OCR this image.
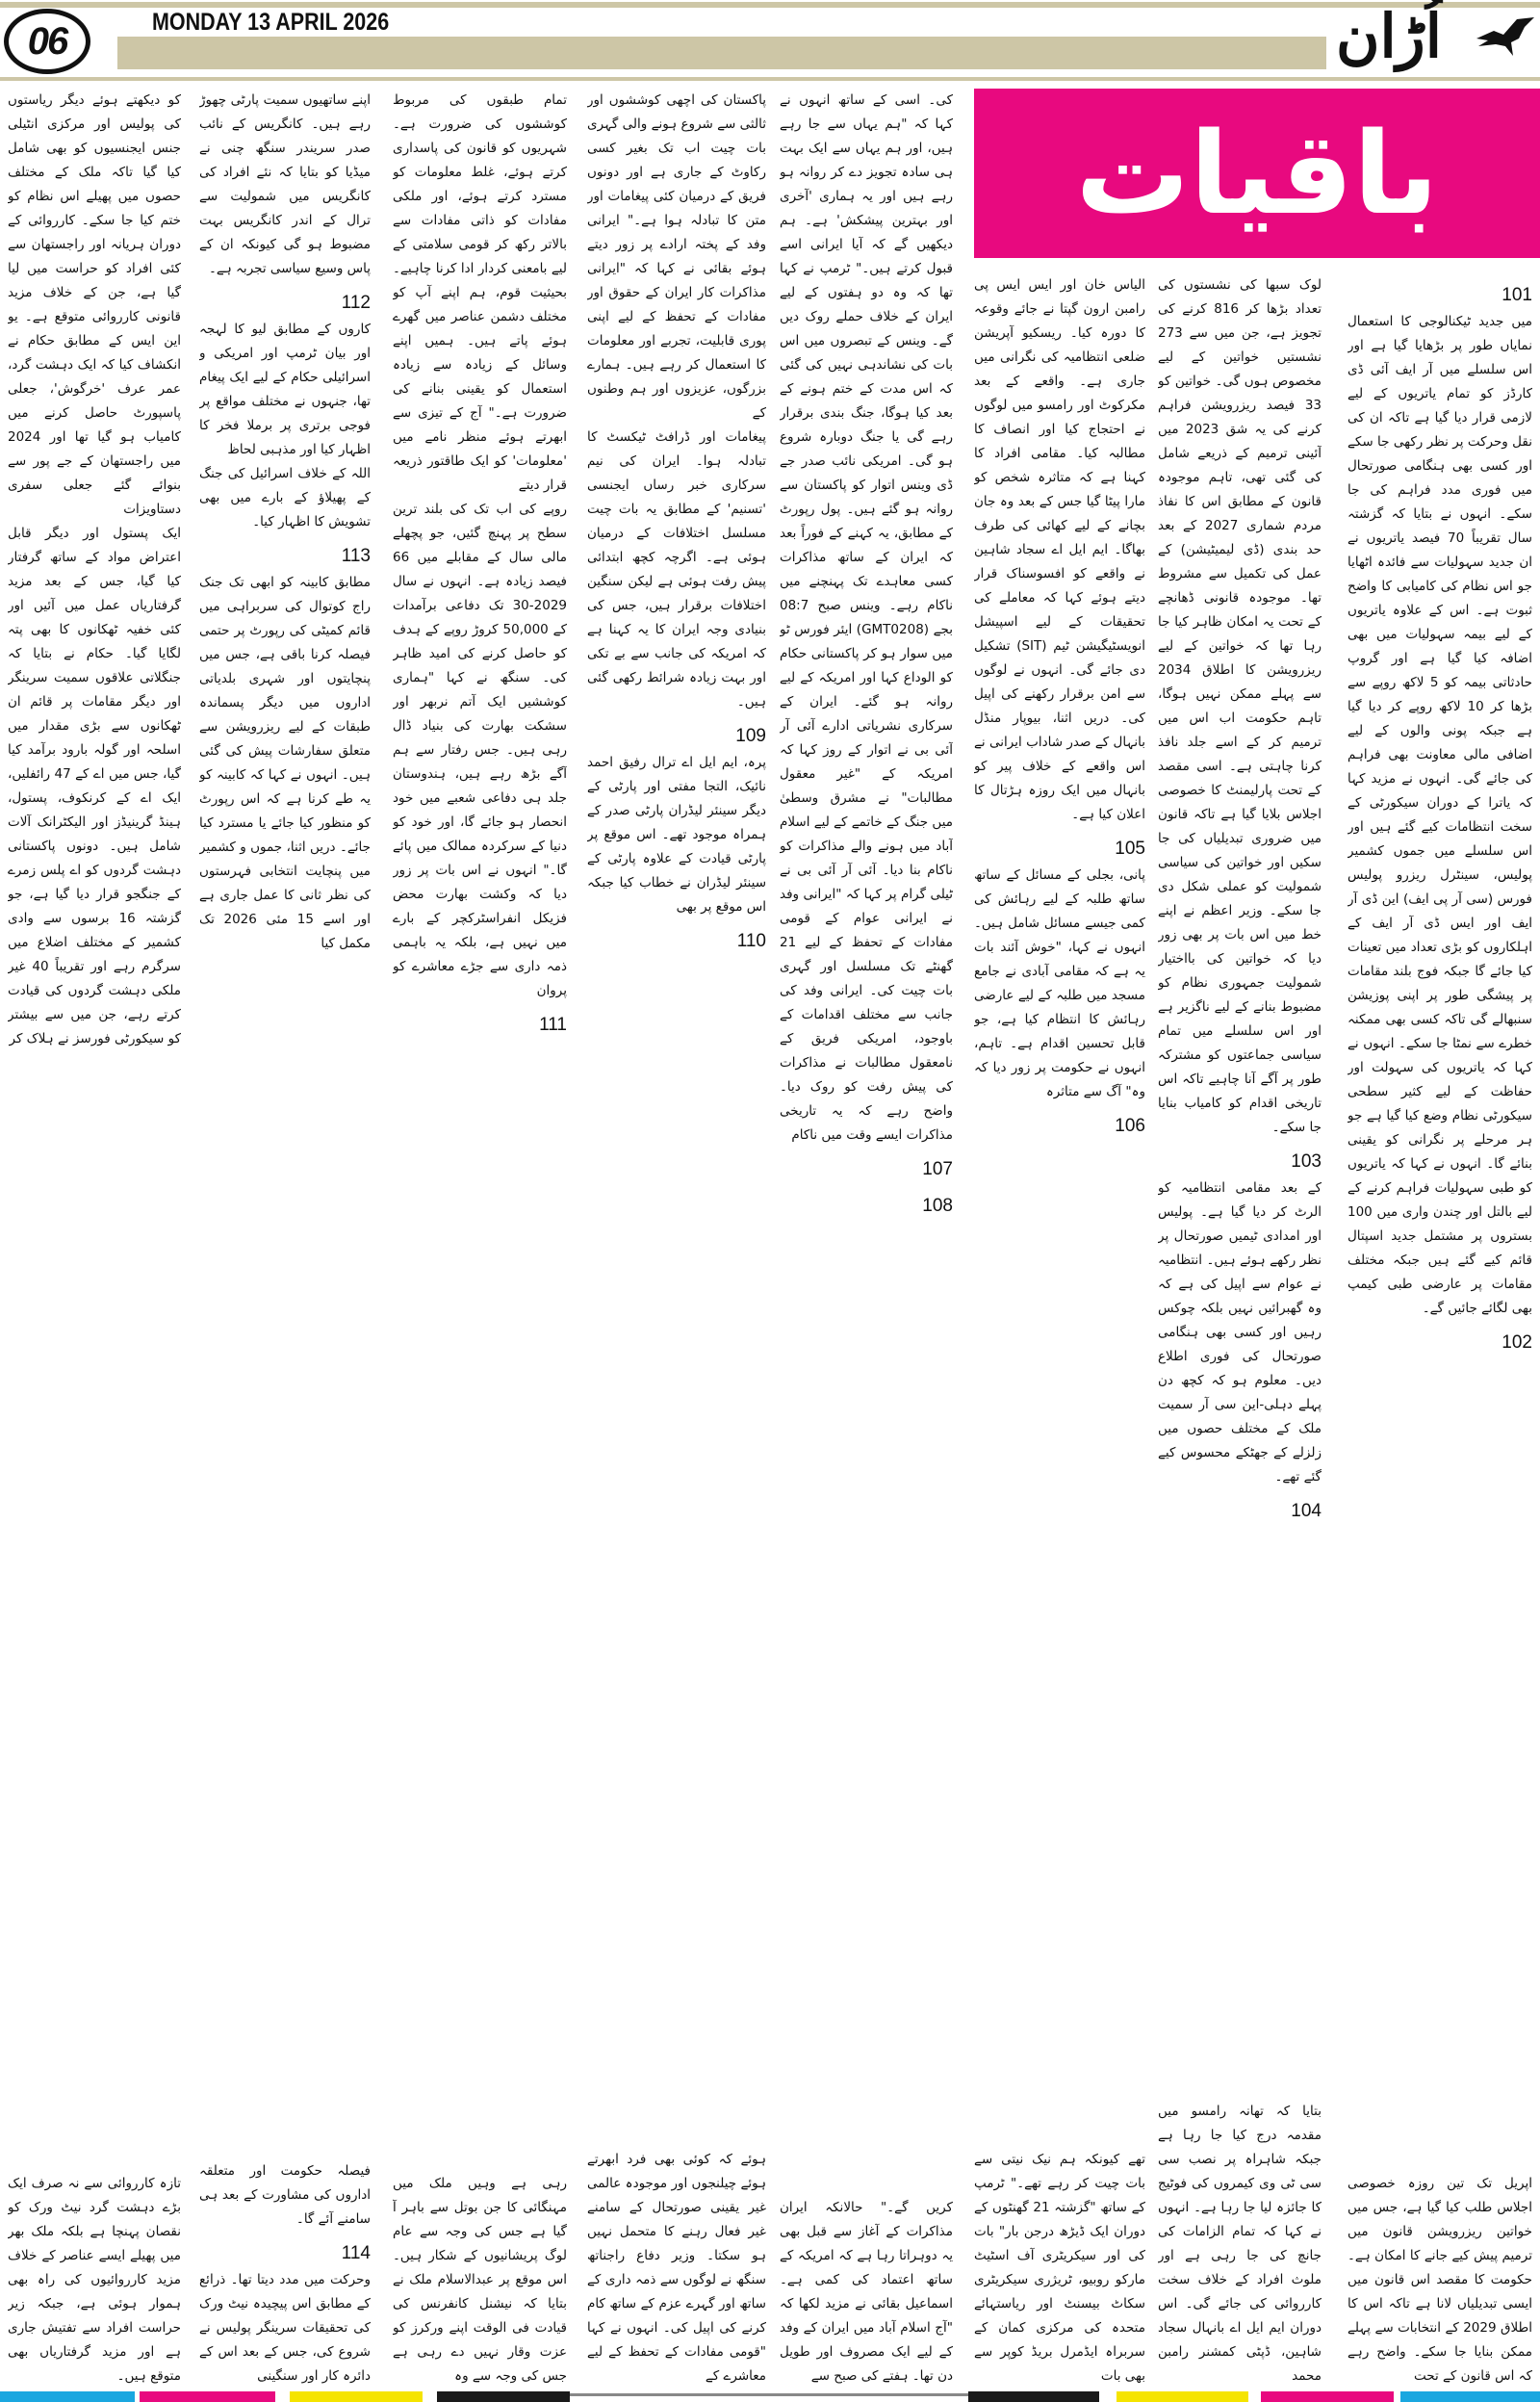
06	MONDAY 13 APRIL 2026	اُڑان
باقیات

کو دیکھتے ہوئے دیگر ریاستوں کی پولیس اور مرکزی انٹیلی جنس ایجنسیوں کو بھی شامل کیا گیا تاکہ ملک کے مختلف حصوں میں پھیلے اس نظام کو ختم کیا جا سکے۔ کارروائی کے دوران ہریانہ اور راجستھان سے کئی افراد کو حراست میں لیا گیا ہے، جن کے خلاف مزید قانونی کارروائی متوقع ہے۔ یو این ایس کے مطابق حکام نے انکشاف کیا کہ ایک دہشت گرد، عمر عرف 'خرگوش'، جعلی پاسپورٹ حاصل کرنے میں کامیاب ہو گیا تھا اور 2024 میں راجستھان کے جے پور سے بنوائے گئے جعلی سفری دستاویزات

ایک پستول اور دیگر قابل اعتراض مواد کے ساتھ گرفتار کیا گیا، جس کے بعد مزید گرفتاریاں عمل میں آئیں اور کئی خفیہ ٹھکانوں کا بھی پتہ لگایا گیا۔ حکام نے بتایا کہ جنگلاتی علاقوں سمیت سرینگر اور دیگر مقامات پر قائم ان ٹھکانوں سے بڑی مقدار میں اسلحہ اور گولہ بارود برآمد کیا گیا، جس میں اے کے 47 رائفلیں، ایک اے کے کرنکوف، پستول، ہینڈ گرینیڈز اور الیکٹرانک آلات شامل ہیں۔ دونوں پاکستانی دہشت گردوں کو اے پلس زمرے کے جنگجو قرار دیا گیا ہے، جو گزشتہ 16 برسوں سے وادی کشمیر کے مختلف اضلاع میں سرگرم رہے اور تقریباً 40 غیر ملکی دہشت گردوں کی قیادت کرتے رہے، جن میں سے بیشتر کو سیکورٹی فورسز نے ہلاک کر

تازہ کارروائی سے نہ صرف ایک بڑے دہشت گرد نیٹ ورک کو نقصان پہنچا ہے بلکہ ملک بھر میں پھیلے ایسے عناصر کے خلاف مزید کارروائیوں کی راہ بھی ہموار ہوئی ہے، جبکہ زیر حراست افراد سے تفتیش جاری ہے اور مزید گرفتاریاں بھی متوقع ہیں۔

اپنے ساتھیوں سمیت پارٹی چھوڑ رہے ہیں۔ کانگریس کے نائب صدر سریندر سنگھ چنی نے میڈیا کو بتایا کہ نئے افراد کی کانگریس میں شمولیت سے ترال کے اندر کانگریس بہت مضبوط ہو گی کیونکہ ان کے پاس وسیع سیاسی تجربہ ہے۔

112

کاروں کے مطابق لیو کا لہجہ اور بیان ٹرمپ اور امریکی و اسرائیلی حکام کے لیے ایک پیغام تھا، جنہوں نے مختلف مواقع پر فوجی برتری پر برملا فخر کا اظہار کیا اور مذہبی لحاظ

اللہ کے خلاف اسرائیل کی جنگ کے پھیلاؤ کے بارے میں بھی تشویش کا اظہار کیا۔

113

مطابق کابینہ کو ابھی تک جنک راج کوتوال کی سربراہی میں قائم کمیٹی کی رپورٹ پر حتمی فیصلہ کرنا باقی ہے، جس میں پنچایتوں اور شہری بلدیاتی اداروں میں دیگر پسماندہ طبقات کے لیے ریزرویشن سے متعلق سفارشات پیش کی گئی ہیں۔ انہوں نے کہا کہ کابینہ کو یہ طے کرنا ہے کہ اس رپورٹ کو منظور کیا جائے یا مسترد کیا جائے۔ دریں اثنا، جموں و کشمیر میں پنچایت انتخابی فہرستوں کی نظر ثانی کا عمل جاری ہے اور اسے 15 مئی 2026 تک مکمل کیا

فیصلہ حکومت اور متعلقہ اداروں کی مشاورت کے بعد ہی سامنے آئے گا۔

114

وحرکت میں مدد دیتا تھا۔ ذرائع کے مطابق اس پیچیدہ نیٹ ورک کی تحقیقات سرینگر پولیس نے شروع کی، جس کے بعد اس کے دائرہ کار اور سنگینی

تمام طبقوں کی مربوط کوششوں کی ضرورت ہے۔ شہریوں کو قانون کی پاسداری کرتے ہوئے، غلط معلومات کو مسترد کرتے ہوئے، اور ملکی مفادات کو ذاتی مفادات سے بالاتر رکھ کر قومی سلامتی کے لیے بامعنی کردار ادا کرنا چاہیے۔ بحیثیت قوم، ہم اپنے آپ کو مختلف دشمن عناصر میں گھرے ہوئے پاتے ہیں۔ ہمیں اپنے وسائل کے زیادہ سے زیادہ استعمال کو یقینی بنانے کی ضرورت ہے۔" آج کے تیزی سے ابھرتے ہوئے منظر نامے میں 'معلومات' کو ایک طاقتور ذریعہ قرار دیتے

روپے کی اب تک کی بلند ترین سطح پر پہنچ گئیں، جو پچھلے مالی سال کے مقابلے میں 66 فیصد زیادہ ہے۔ انہوں نے سال 2029-30 تک دفاعی برآمدات کے 50,000 کروڑ روپے کے ہدف کو حاصل کرنے کی امید ظاہر کی۔ سنگھ نے کہا "ہماری کوششیں ایک آتم نربھر اور سشکت بھارت کی بنیاد ڈال رہی ہیں۔ جس رفتار سے ہم آگے بڑھ رہے ہیں، ہندوستان جلد ہی دفاعی شعبے میں خود انحصار ہو جائے گا، اور خود کو دنیا کے سرکردہ ممالک میں پائے گا۔" انہوں نے اس بات پر زور دیا کہ وکشت بھارت محض فزیکل انفراسٹرکچر کے بارے میں نہیں ہے، بلکہ یہ باہمی ذمہ داری سے جڑے معاشرے کو پروان

111

رہی ہے وہیں ملک میں مہنگائی کا جن بوتل سے باہر آ گیا ہے جس کی وجہ سے عام لوگ پریشانیوں کے شکار ہیں۔ اس موقع پر عبدالاسلام ملک نے بتایا کہ نیشنل کانفرنس کی قیادت فی الوقت اپنے ورکرز کو عزت وقار نہیں دے رہی ہے جس کی وجہ سے وہ

پاکستان کی اچھی کوششوں اور ثالثی سے شروع ہونے والی گہری بات چیت اب تک بغیر کسی رکاوٹ کے جاری ہے اور دونوں فریق کے درمیان کئی پیغامات اور متن کا تبادلہ ہوا ہے۔" ایرانی وفد کے پختہ ارادے پر زور دیتے ہوئے بقائی نے کہا کہ "ایرانی مذاکرات کار ایران کے حقوق اور مفادات کے تحفظ کے لیے اپنی پوری قابلیت، تجربے اور معلومات کا استعمال کر رہے ہیں۔ ہمارے بزرگوں، عزیزوں اور ہم وطنوں کے

پیغامات اور ڈرافٹ ٹیکسٹ کا تبادلہ ہوا۔ ایران کی نیم سرکاری خبر رساں ایجنسی 'تسنیم' کے مطابق یہ بات چیت مسلسل اختلافات کے درمیان ہوئی ہے۔ اگرچہ کچھ ابتدائی پیش رفت ہوئی ہے لیکن سنگین اختلافات برقرار ہیں، جس کی بنیادی وجہ ایران کا یہ کہنا ہے کہ امریکہ کی جانب سے بے تکی اور بہت زیادہ شرائط رکھی گئی ہیں۔

109

پرہ، ایم ایل اے ترال رفیق احمد نائیک، التجا مفتی اور پارٹی کے دیگر سینئر لیڈران پارٹی صدر کے ہمراہ موجود تھے۔ اس موقع پر پارٹی قیادت کے علاوہ پارٹی کے سینئر لیڈران نے خطاب کیا جبکہ اس موقع پر بھی

110

ہوئے کہ کوئی بھی فرد ابھرتے ہوئے چیلنجوں اور موجودہ عالمی غیر یقینی صورتحال کے سامنے غیر فعال رہنے کا متحمل نہیں ہو سکتا۔ وزیر دفاع راجناتھ سنگھ نے لوگوں سے ذمہ داری کے ساتھ اور گہرے عزم کے ساتھ کام کرنے کی اپیل کی۔ انہوں نے کہا "قومی مفادات کے تحفظ کے لیے معاشرے کے

کی۔ اسی کے ساتھ انہوں نے کہا کہ "ہم یہاں سے جا رہے ہیں، اور ہم یہاں سے ایک بہت ہی سادہ تجویز دے کر روانہ ہو رہے ہیں اور یہ ہماری 'آخری اور بہترین پیشکش' ہے۔ ہم دیکھیں گے کہ آیا ایرانی اسے قبول کرتے ہیں۔" ٹرمپ نے کہا تھا کہ وہ دو ہفتوں کے لیے ایران کے خلاف حملے روک دیں گے۔ وینس کے تبصروں میں اس بات کی نشاندہی نہیں کی گئی کہ اس مدت کے ختم ہونے کے بعد کیا ہوگا، جنگ بندی برقرار رہے گی یا جنگ دوبارہ شروع ہو گی۔ امریکی نائب صدر جے ڈی وینس اتوار کو پاکستان سے روانہ ہو گئے ہیں۔ پول رپورٹ کے مطابق، یہ کہنے کے فوراً بعد کہ ایران کے ساتھ مذاکرات کسی معاہدے تک پہنچنے میں ناکام رہے۔ وینس صبح 08:7 بجے (GMT0208) ایئر فورس ٹو میں سوار ہو کر پاکستانی حکام کو الوداع کہا اور امریکہ کے لیے روانہ ہو گئے۔ ایران کے سرکاری نشریاتی ادارے آئی آر آئی بی نے اتوار کے روز کہا کہ امریکہ کے "غیر معقول مطالبات" نے مشرق وسطیٰ میں جنگ کے خاتمے کے لیے اسلام آباد میں ہونے والے مذاکرات کو ناکام بنا دیا۔ آئی آر آئی بی نے ٹیلی گرام پر کہا کہ "ایرانی وفد نے ایرانی عوام کے قومی مفادات کے تحفظ کے لیے 21 گھنٹے تک مسلسل اور گہری بات چیت کی۔ ایرانی وفد کی جانب سے مختلف اقدامات کے باوجود، امریکی فریق کے نامعقول مطالبات نے مذاکرات کی پیش رفت کو روک دیا۔ واضح رہے کہ یہ تاریخی مذاکرات ایسے وقت میں ناکام

107
108

کریں گے۔" حالانکہ ایران مذاکرات کے آغاز سے قبل بھی یہ دوہراتا رہا ہے کہ امریکہ کے ساتھ اعتماد کی کمی ہے۔ اسماعیل بقائی نے مزید لکھا کہ "آج اسلام آباد میں ایران کے وفد کے لیے ایک مصروف اور طویل دن تھا۔ ہفتے کی صبح سے

الیاس خان اور ایس ایس پی رامبن ارون گپتا نے جائے وقوعہ کا دورہ کیا۔ ریسکیو آپریشن ضلعی انتظامیہ کی نگرانی میں جاری ہے۔ واقعے کے بعد مکرکوٹ اور رامسو میں لوگوں نے احتجاج کیا اور انصاف کا مطالبہ کیا۔ مقامی افراد کا کہنا ہے کہ متاثرہ شخص کو مارا پیٹا گیا جس کے بعد وہ جان بچانے کے لیے کھائی کی طرف بھاگا۔ ایم ایل اے سجاد شاہین نے واقعے کو افسوسناک قرار دیتے ہوئے کہا کہ معاملے کی تحقیقات کے لیے اسپیشل انویسٹیگیشن ٹیم (SIT) تشکیل دی جائے گی۔ انہوں نے لوگوں سے امن برقرار رکھنے کی اپیل کی۔ دریں اثنا، بیوپار منڈل بانہال کے صدر شاداب ایرانی نے اس واقعے کے خلاف پیر کو بانہال میں ایک روزہ ہڑتال کا اعلان کیا ہے۔

105

پانی، بجلی کے مسائل کے ساتھ ساتھ طلبہ کے لیے رہائش کی کمی جیسے مسائل شامل ہیں۔ انہوں نے کہا، "خوش آئند بات یہ ہے کہ مقامی آبادی نے جامع مسجد میں طلبہ کے لیے عارضی رہائش کا انتظام کیا ہے، جو قابل تحسین اقدام ہے۔ تاہم، انہوں نے حکومت پر زور دیا کہ وہ" آگ سے متاثرہ

106

تھے کیونکہ ہم نیک نیتی سے بات چیت کر رہے تھے۔" ٹرمپ کے ساتھ "گزشتہ 21 گھنٹوں کے دوران ایک ڈیڑھ درجن بار" بات کی اور سیکریٹری آف اسٹیٹ مارکو روبیو، ٹریژری سیکریٹری سکاٹ بیسنٹ اور ریاستہائے متحدہ کی مرکزی کمان کے سربراہ ایڈمرل بریڈ کوپر سے بھی بات

لوک سبھا کی نشستوں کی تعداد بڑھا کر 816 کرنے کی تجویز ہے، جن میں سے 273 نشستیں خواتین کے لیے مخصوص ہوں گی۔ خواتین کو 33 فیصد ریزرویشن فراہم کرنے کی یہ شق 2023 میں آئینی ترمیم کے ذریعے شامل کی گئی تھی، تاہم موجودہ قانون کے مطابق اس کا نفاذ مردم شماری 2027 کے بعد حد بندی (ڈی لیمیٹیشن) کے عمل کی تکمیل سے مشروط تھا۔ موجودہ قانونی ڈھانچے کے تحت یہ امکان ظاہر کیا جا رہا تھا کہ خواتین کے لیے ریزرویشن کا اطلاق 2034 سے پہلے ممکن نہیں ہوگا، تاہم حکومت اب اس میں ترمیم کر کے اسے جلد نافذ کرنا چاہتی ہے۔ اسی مقصد کے تحت پارلیمنٹ کا خصوصی اجلاس بلایا گیا ہے تاکہ قانون میں ضروری تبدیلیاں کی جا سکیں اور خواتین کی سیاسی شمولیت کو عملی شکل دی جا سکے۔ وزیر اعظم نے اپنے خط میں اس بات پر بھی زور دیا کہ خواتین کی بااختیار شمولیت جمہوری نظام کو مضبوط بنانے کے لیے ناگزیر ہے اور اس سلسلے میں تمام سیاسی جماعتوں کو مشترکہ طور پر آگے آنا چاہیے تاکہ اس تاریخی اقدام کو کامیاب بنایا جا سکے۔

103

کے بعد مقامی انتظامیہ کو الرٹ کر دیا گیا ہے۔ پولیس اور امدادی ٹیمیں صورتحال پر نظر رکھے ہوئے ہیں۔ انتظامیہ نے عوام سے اپیل کی ہے کہ وہ گھبرائیں نہیں بلکہ چوکس رہیں اور کسی بھی ہنگامی صورتحال کی فوری اطلاع دیں۔ معلوم ہو کہ کچھ دن پہلے دہلی-این سی آر سمیت ملک کے مختلف حصوں میں زلزلے کے جھٹکے محسوس کیے گئے تھے۔

104

بتایا کہ تھانہ رامسو میں مقدمہ درج کیا جا رہا ہے جبکہ شاہراہ پر نصب سی سی ٹی وی کیمروں کی فوٹیج کا جائزہ لیا جا رہا ہے۔ انہوں نے کہا کہ تمام الزامات کی جانچ کی جا رہی ہے اور ملوث افراد کے خلاف سخت کارروائی کی جائے گی۔ اس دوران ایم ایل اے بانہال سجاد شاہین، ڈپٹی کمشنر رامبن محمد

101

میں جدید ٹیکنالوجی کا استعمال نمایاں طور پر بڑھایا گیا ہے اور اس سلسلے میں آر ایف آئی ڈی کارڈز کو تمام یاتریوں کے لیے لازمی قرار دیا گیا ہے تاکہ ان کی نقل وحرکت پر نظر رکھی جا سکے اور کسی بھی ہنگامی صورتحال میں فوری مدد فراہم کی جا سکے۔ انہوں نے بتایا کہ گزشتہ سال تقریباً 70 فیصد یاتریوں نے ان جدید سہولیات سے فائدہ اٹھایا جو اس نظام کی کامیابی کا واضح ثبوت ہے۔ اس کے علاوہ یاتریوں کے لیے بیمہ سہولیات میں بھی اضافہ کیا گیا ہے اور گروپ حادثاتی بیمہ کو 5 لاکھ روپے سے بڑھا کر 10 لاکھ روپے کر دیا گیا ہے جبکہ پونی والوں کے لیے اضافی مالی معاونت بھی فراہم کی جائے گی۔ انہوں نے مزید کہا کہ یاترا کے دوران سیکورٹی کے سخت انتظامات کیے گئے ہیں اور اس سلسلے میں جموں کشمیر پولیس، سینٹرل ریزرو پولیس فورس (سی آر پی ایف) این ڈی آر ایف اور ایس ڈی آر ایف کے اہلکاروں کو بڑی تعداد میں تعینات کیا جائے گا جبکہ فوج بلند مقامات پر پیشگی طور پر اپنی پوزیشن سنبھالے گی تاکہ کسی بھی ممکنہ خطرے سے نمٹا جا سکے۔ انہوں نے کہا کہ یاتریوں کی سہولت اور حفاظت کے لیے کثیر سطحی سیکورٹی نظام وضع کیا گیا ہے جو ہر مرحلے پر نگرانی کو یقینی بنائے گا۔ انہوں نے کہا کہ یاتریوں کو طبی سہولیات فراہم کرنے کے لیے بالتل اور چندن واری میں 100 بستروں پر مشتمل جدید اسپتال قائم کیے گئے ہیں جبکہ مختلف مقامات پر عارضی طبی کیمپ بھی لگائے جائیں گے۔

102

اپریل تک تین روزہ خصوصی اجلاس طلب کیا گیا ہے، جس میں خواتین ریزرویشن قانون میں ترمیم پیش کیے جانے کا امکان ہے۔ حکومت کا مقصد اس قانون میں ایسی تبدیلیاں لانا ہے تاکہ اس کا اطلاق 2029 کے انتخابات سے پہلے ممکن بنایا جا سکے۔ واضح رہے کہ اس قانون کے تحت
